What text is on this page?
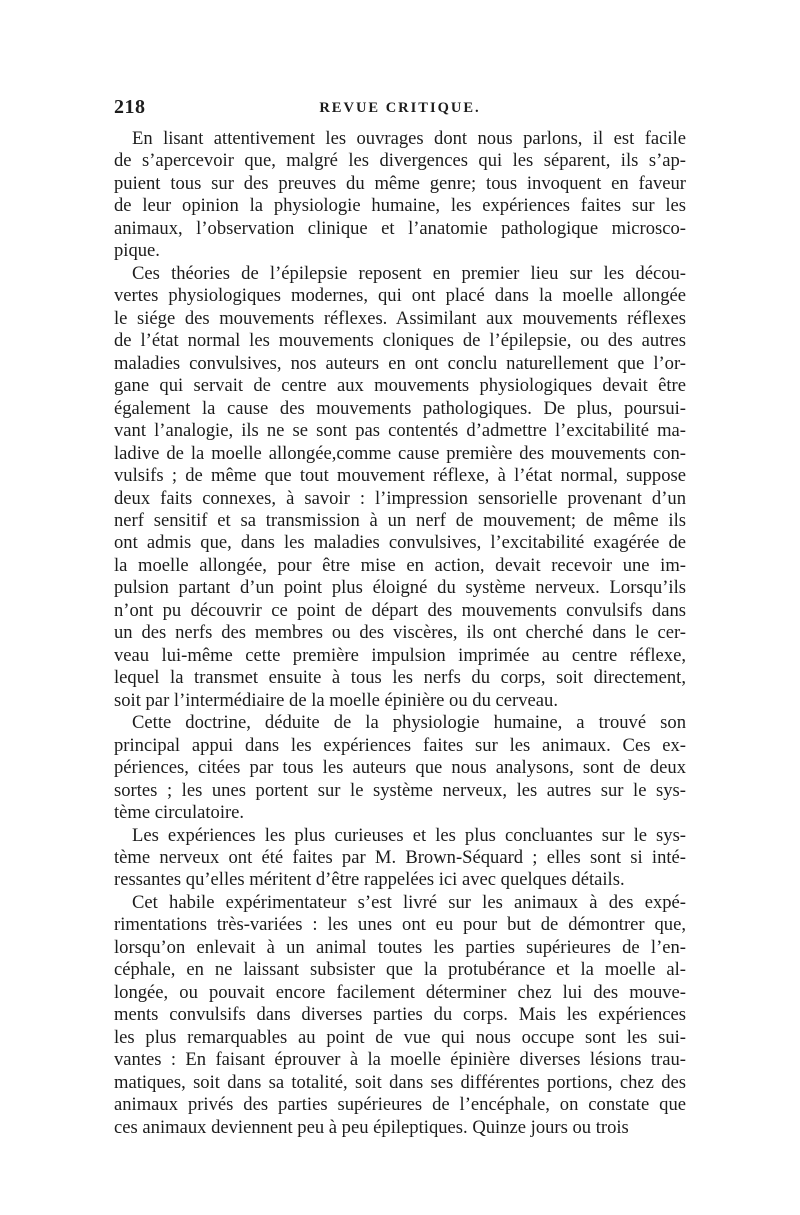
218	REVUE CRITIQUE.
En lisant attentivement les ouvrages dont nous parlons, il est facile
de s’apercevoir que, malgré les divergences qui les séparent, ils s’ap-
puient tous sur des preuves du même genre; tous invoquent en faveur
de leur opinion la physiologie humaine, les expériences faites sur les
animaux, l’observation clinique et l’anatomie pathologique microsco-
pique.
Ces théories de l’épilepsie reposent en premier lieu sur les décou-
vertes physiologiques modernes, qui ont placé dans la moelle allongée
le siége des mouvements réflexes. Assimilant aux mouvements réflexes
de l’état normal les mouvements cloniques de l’épilepsie, ou des autres
maladies convulsives, nos auteurs en ont conclu naturellement que l’or-
gane qui servait de centre aux mouvements physiologiques devait être
également la cause des mouvements pathologiques. De plus, poursui-
vant l’analogie, ils ne se sont pas contentés d’admettre l’excitabilité ma-
ladive de la moelle allongée,comme cause première des mouvements con-
vulsifs ; de même que tout mouvement réflexe, à l’état normal, suppose
deux faits connexes, à savoir : l’impression sensorielle provenant d’un
nerf sensitif et sa transmission à un nerf de mouvement; de même ils
ont admis que, dans les maladies convulsives, l’excitabilité exagérée de
la moelle allongée, pour être mise en action, devait recevoir une im-
pulsion partant d’un point plus éloigné du système nerveux. Lorsqu’ils
n’ont pu découvrir ce point de départ des mouvements convulsifs dans
un des nerfs des membres ou des viscères, ils ont cherché dans le cer-
veau lui-même cette première impulsion imprimée au centre réflexe,
lequel la transmet ensuite à tous les nerfs du corps, soit directement,
soit par l’intermédiaire de la moelle épinière ou du cerveau.
Cette doctrine, déduite de la physiologie humaine, a trouvé son
principal appui dans les expériences faites sur les animaux. Ces ex-
périences, citées par tous les auteurs que nous analysons, sont de deux
sortes ; les unes portent sur le système nerveux, les autres sur le sys-
tème circulatoire.
Les expériences les plus curieuses et les plus concluantes sur le sys-
tème nerveux ont été faites par M. Brown-Séquard ; elles sont si inté-
ressantes qu’elles méritent d’être rappelées ici avec quelques détails.
Cet habile expérimentateur s’est livré sur les animaux à des expé-
rimentations très-variées : les unes ont eu pour but de démontrer que,
lorsqu’on enlevait à un animal toutes les parties supérieures de l’en-
céphale, en ne laissant subsister que la protubérance et la moelle al-
longée, ou pouvait encore facilement déterminer chez lui des mouve-
ments convulsifs dans diverses parties du corps. Mais les expériences
les plus remarquables au point de vue qui nous occupe sont les sui-
vantes : En faisant éprouver à la moelle épinière diverses lésions trau-
matiques, soit dans sa totalité, soit dans ses différentes portions, chez des
animaux privés des parties supérieures de l’encéphale, on constate que
ces animaux deviennent peu à peu épileptiques. Quinze jours ou trois
